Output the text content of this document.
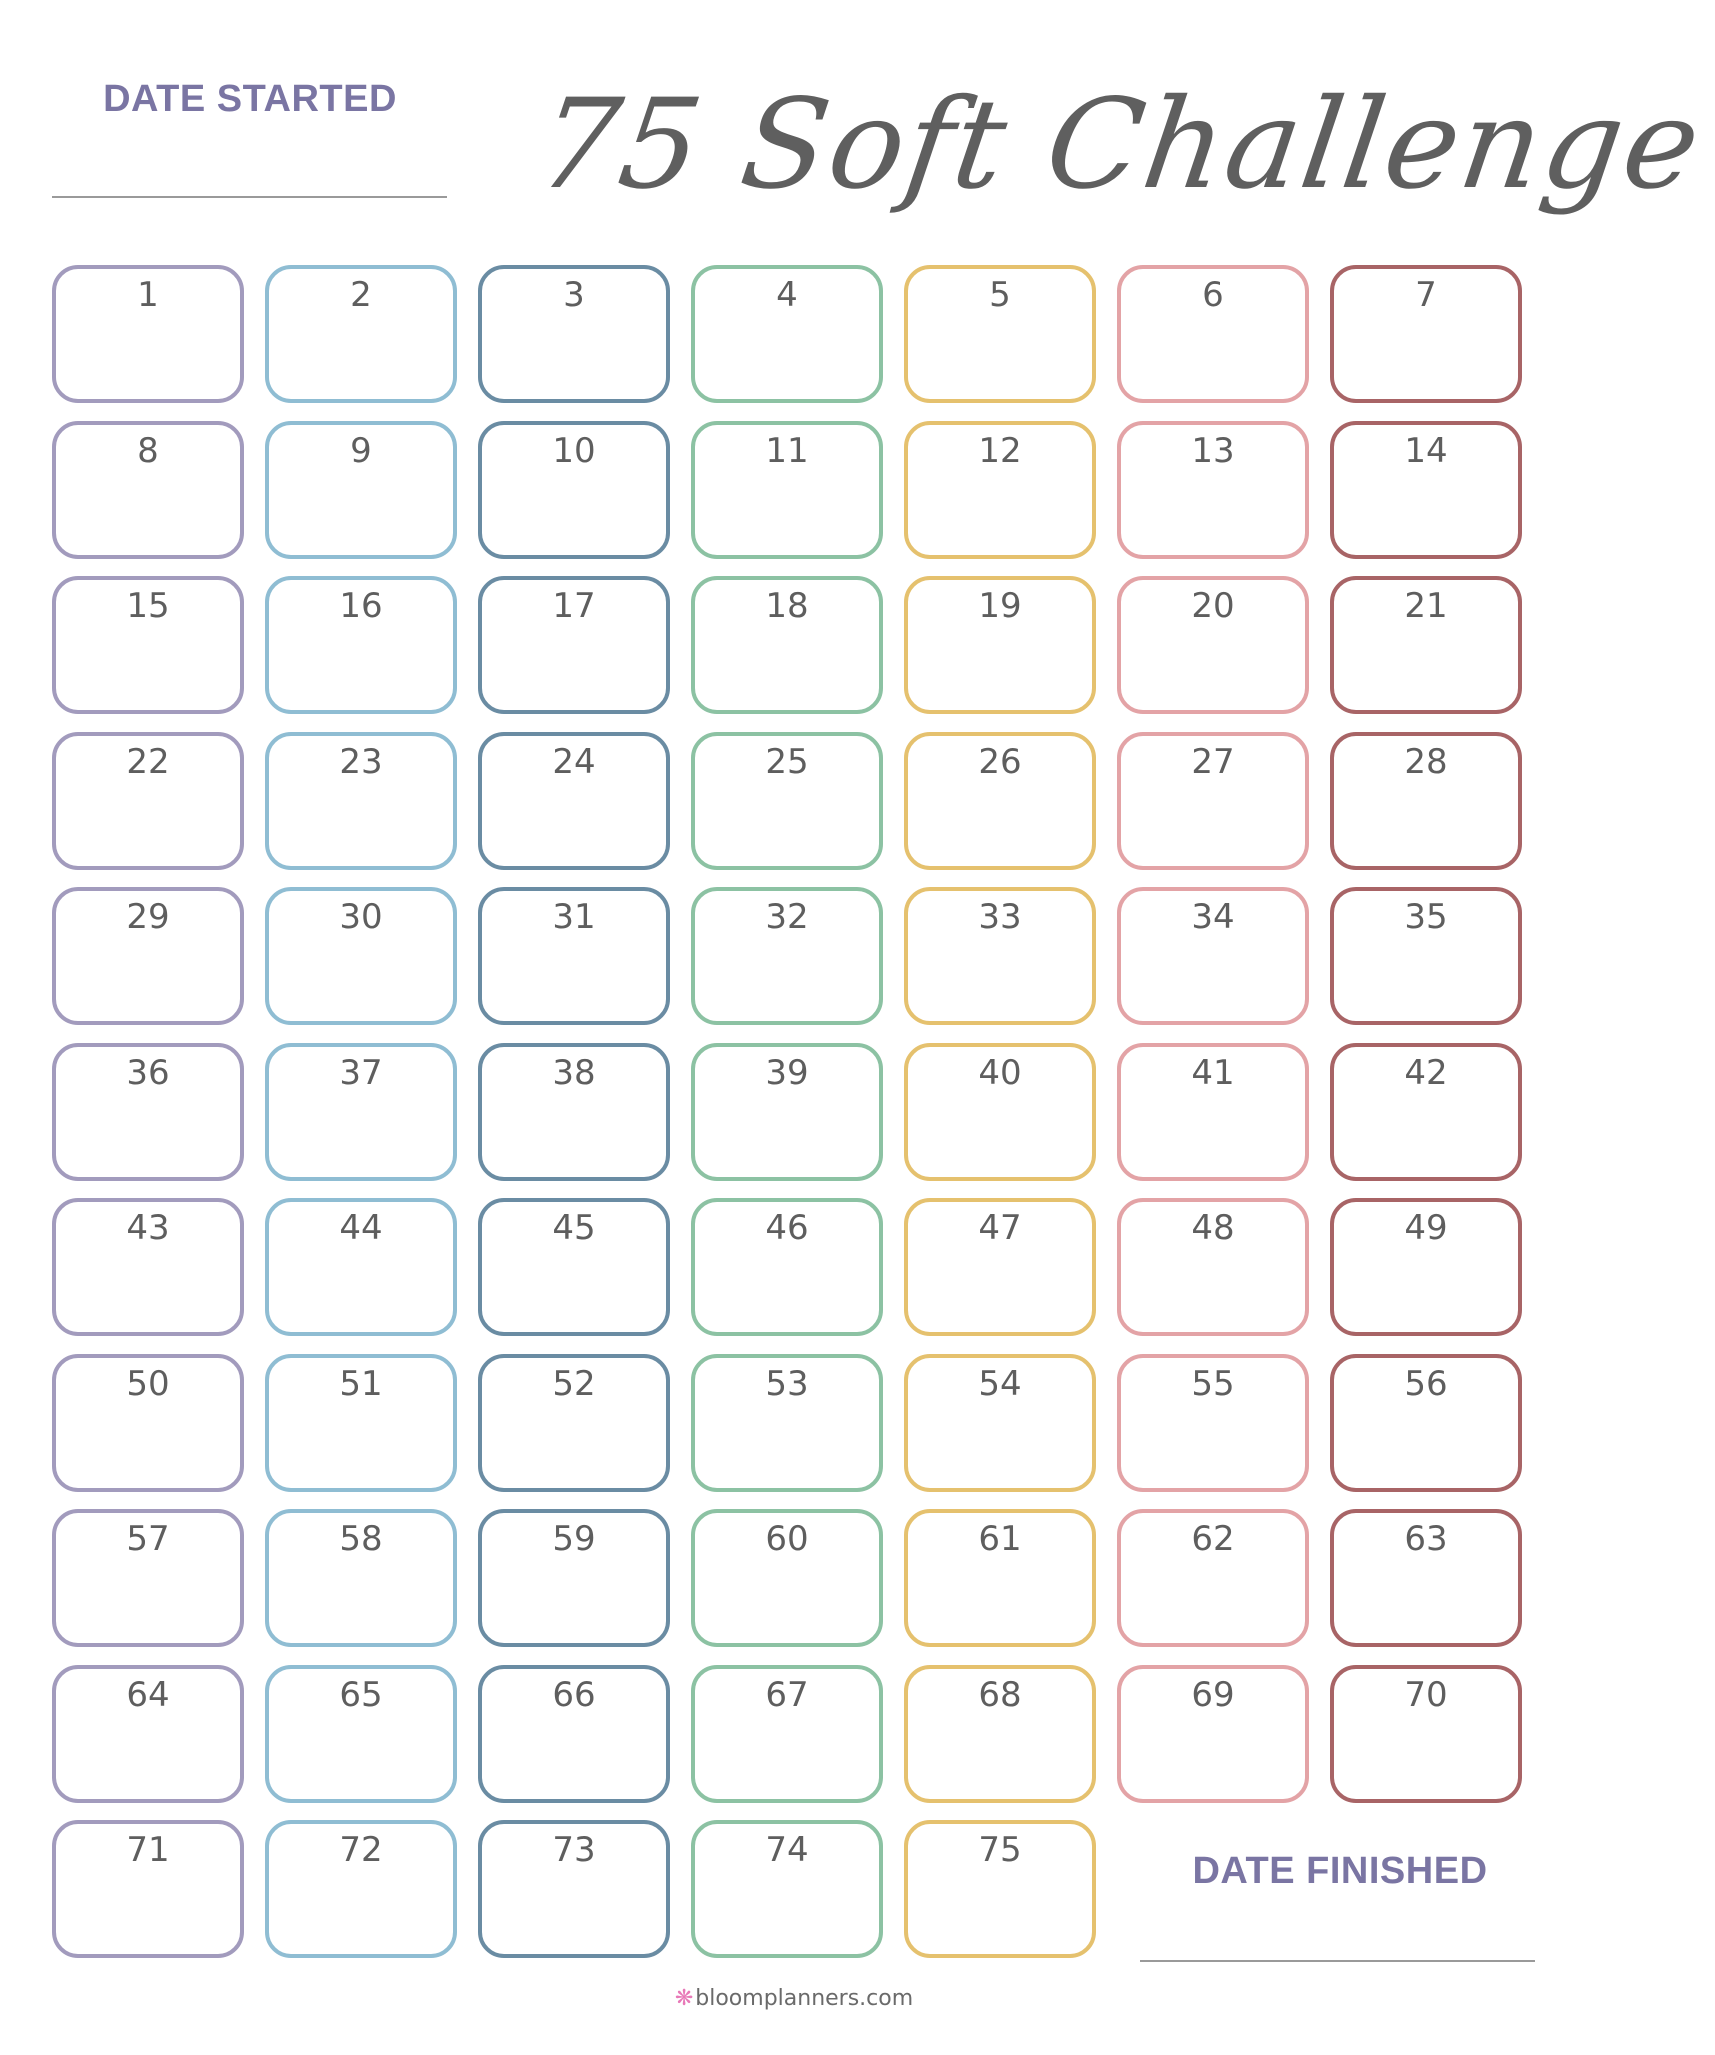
DATE STARTED 75 Soft Challenge
1	2	3	4	5	6	7
8	9	10	11	12	13	14
15	16	17	18	19	20	21
22	23	24	25	26	27	28
29	30	31	32	33	34	35
36	37	38	39	40	41	42
43	44	45	46	47	48	49
50	51	52	53	54	55	56
57	58	59	60	61	62	63
64	65	66	67	68	69	70
71	72	73	74	75	DATE FINISHED
❋bloomplanners.com
